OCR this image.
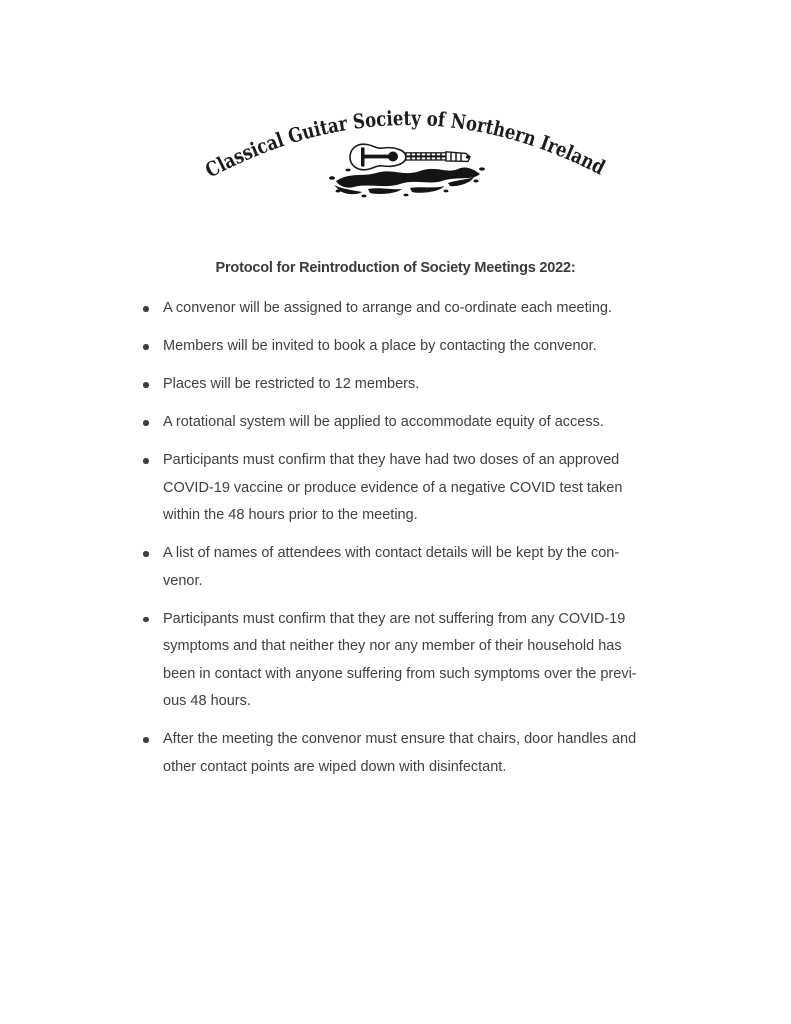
Classical Guitar Society of Northern Ireland
Protocol for Reintroduction of Society Meetings 2022:
A convenor will be assigned to arrange and co-ordinate each meeting.
Members will be invited to book a place by contacting the convenor.
Places will be restricted to 12 members.
A rotational system will be applied to accommodate equity of access.
Participants must confirm that they have had two doses of an approved
COVID-19 vaccine or produce evidence of a negative COVID test taken
within the 48 hours prior to the meeting.
A list of names of attendees with contact details will be kept by the con-
venor.
Participants must confirm that they are not suffering from any COVID-19
symptoms and that neither they nor any member of their household has
been in contact with anyone suffering from such symptoms over the previ-
ous 48 hours.
After the meeting the convenor must ensure that chairs, door handles and
other contact points are wiped down with disinfectant.
